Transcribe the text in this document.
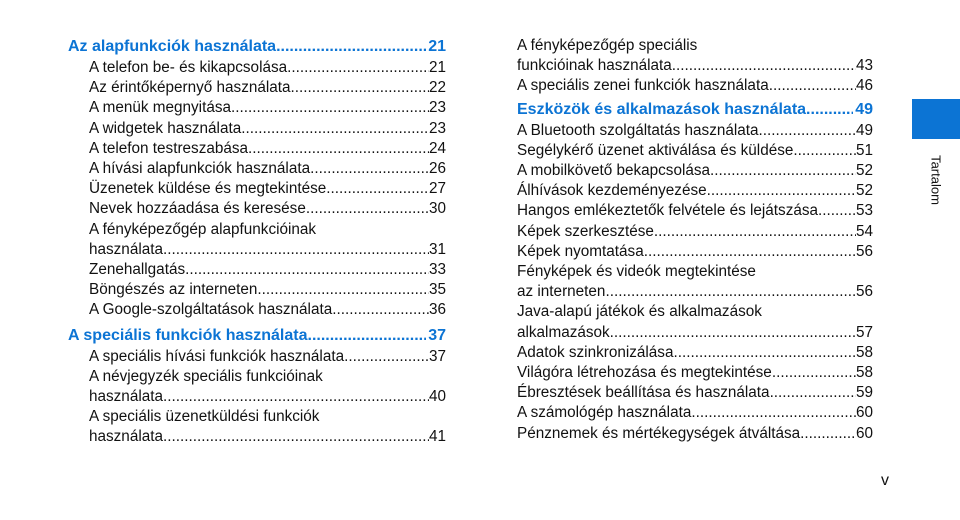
Az alapfunkciók használata .....	21
A telefon be- és kikapcsolása .....	21
Az érintőképernyő használata .....	22
A menük megnyitása .....	23
A widgetek használata .....	23
A telefon testreszabása .....	24
A hívási alapfunkciók használata .....	26
Üzenetek küldése és megtekintése .....	27
Nevek hozzáadása és keresése .....	30
A fényképezőgép alapfunkcióinak
használata .....	31
Zenehallgatás .....	33
Böngészés az interneten .....	35
A Google-szolgáltatások használata .....	36
A speciális funkciók használata .....	37
A speciális hívási funkciók használata .....	37
A névjegyzék speciális funkcióinak
használata .....	40
A speciális üzenetküldési funkciók
használata .....	41
A fényképezőgép speciális
funkcióinak használata .....	43
A speciális zenei funkciók használata .....	46
Eszközök és alkalmazások használata .....	49
A Bluetooth szolgáltatás használata .....	49
Segélykérő üzenet aktiválása és küldése .....	51
A mobilkövető bekapcsolása .....	52
Álhívások kezdeményezése .....	52
Hangos emlékeztetők felvétele és lejátszása ..... 53
Képek szerkesztése .....	54
Képek nyomtatása .....	56
Fényképek és videók megtekintése
az interneten .....	56
Java-alapú játékok és alkalmazások
alkalmazások .....	57
Adatok szinkronizálása .....	58
Világóra létrehozása és megtekintése .....	58
Ébresztések beállítása és használata .....	59
A számológép használata .....	60
Pénznemek és mértékegységek átváltása .....	60
Tartalom
v
